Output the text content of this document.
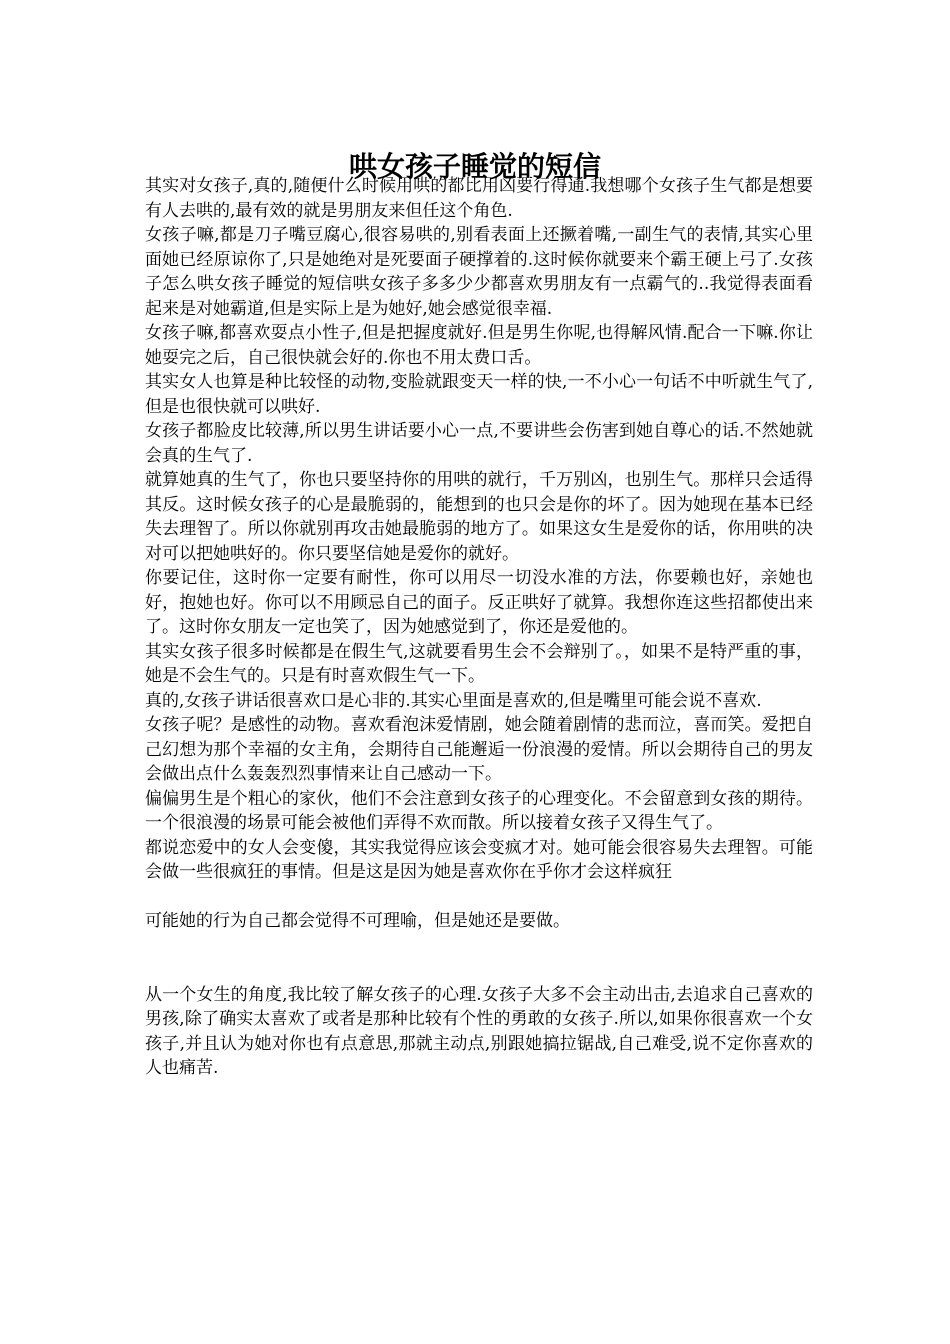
哄女孩子睡觉的短信

其实对女孩子,真的,随便什么时候用哄的都比用凶要行得通.我想哪个女孩子生气都是想要有人去哄的,最有效的就是男朋友来但任这个角色.

女孩子嘛,都是刀子嘴豆腐心,很容易哄的,别看表面上还撅着嘴,一副生气的表情,其实心里面她已经原谅你了,只是她绝对是死要面子硬撑着的.这时候你就要来个霸王硬上弓了.女孩子怎么哄女孩子睡觉的短信哄女孩子多多少少都喜欢男朋友有一点霸气的..我觉得表面看起来是对她霸道,但是实际上是为她好,她会感觉很幸福.

女孩子嘛,都喜欢耍点小性子,但是把握度就好.但是男生你呢,也得解风情.配合一下嘛.你让她耍完之后，自己很快就会好的.你也不用太费口舌。

其实女人也算是种比较怪的动物,变脸就跟变天一样的快,一不小心一句话不中听就生气了,但是也很快就可以哄好.

女孩子都脸皮比较薄,所以男生讲话要小心一点,不要讲些会伤害到她自尊心的话.不然她就会真的生气了.

就算她真的生气了，你也只要坚持你的用哄的就行，千万别凶，也别生气。那样只会适得其反。这时候女孩子的心是最脆弱的，能想到的也只会是你的坏了。因为她现在基本已经失去理智了。所以你就别再攻击她最脆弱的地方了。如果这女生是爱你的话，你用哄的决对可以把她哄好的。你只要坚信她是爱你的就好。

你要记住，这时你一定要有耐性，你可以用尽一切没水准的方法，你要赖也好，亲她也好，抱她也好。你可以不用顾忌自己的面子。反正哄好了就算。我想你连这些招都使出来了。这时你女朋友一定也笑了，因为她感觉到了，你还是爱他的。

其实女孩子很多时候都是在假生气,这就要看男生会不会辩别了。，如果不是特严重的事，她是不会生气的。只是有时喜欢假生气一下。

真的,女孩子讲话很喜欢口是心非的.其实心里面是喜欢的,但是嘴里可能会说不喜欢.

女孩子呢？是感性的动物。喜欢看泡沫爱情剧，她会随着剧情的悲而泣，喜而笑。爱把自己幻想为那个幸福的女主角，会期待自己能邂逅一份浪漫的爱情。所以会期待自己的男友会做出点什么轰轰烈烈事情来让自己感动一下。

偏偏男生是个粗心的家伙，他们不会注意到女孩子的心理变化。不会留意到女孩的期待。一个很浪漫的场景可能会被他们弄得不欢而散。所以接着女孩子又得生气了。

都说恋爱中的女人会变傻，其实我觉得应该会变疯才对。她可能会很容易失去理智。可能会做一些很疯狂的事情。但是这是因为她是喜欢你在乎你才会这样疯狂

可能她的行为自己都会觉得不可理喻，但是她还是要做。

从一个女生的角度,我比较了解女孩子的心理.女孩子大多不会主动出击,去追求自己喜欢的男孩,除了确实太喜欢了或者是那种比较有个性的勇敢的女孩子.所以,如果你很喜欢一个女孩子,并且认为她对你也有点意思,那就主动点,别跟她搞拉锯战,自己难受,说不定你喜欢的人也痛苦.
